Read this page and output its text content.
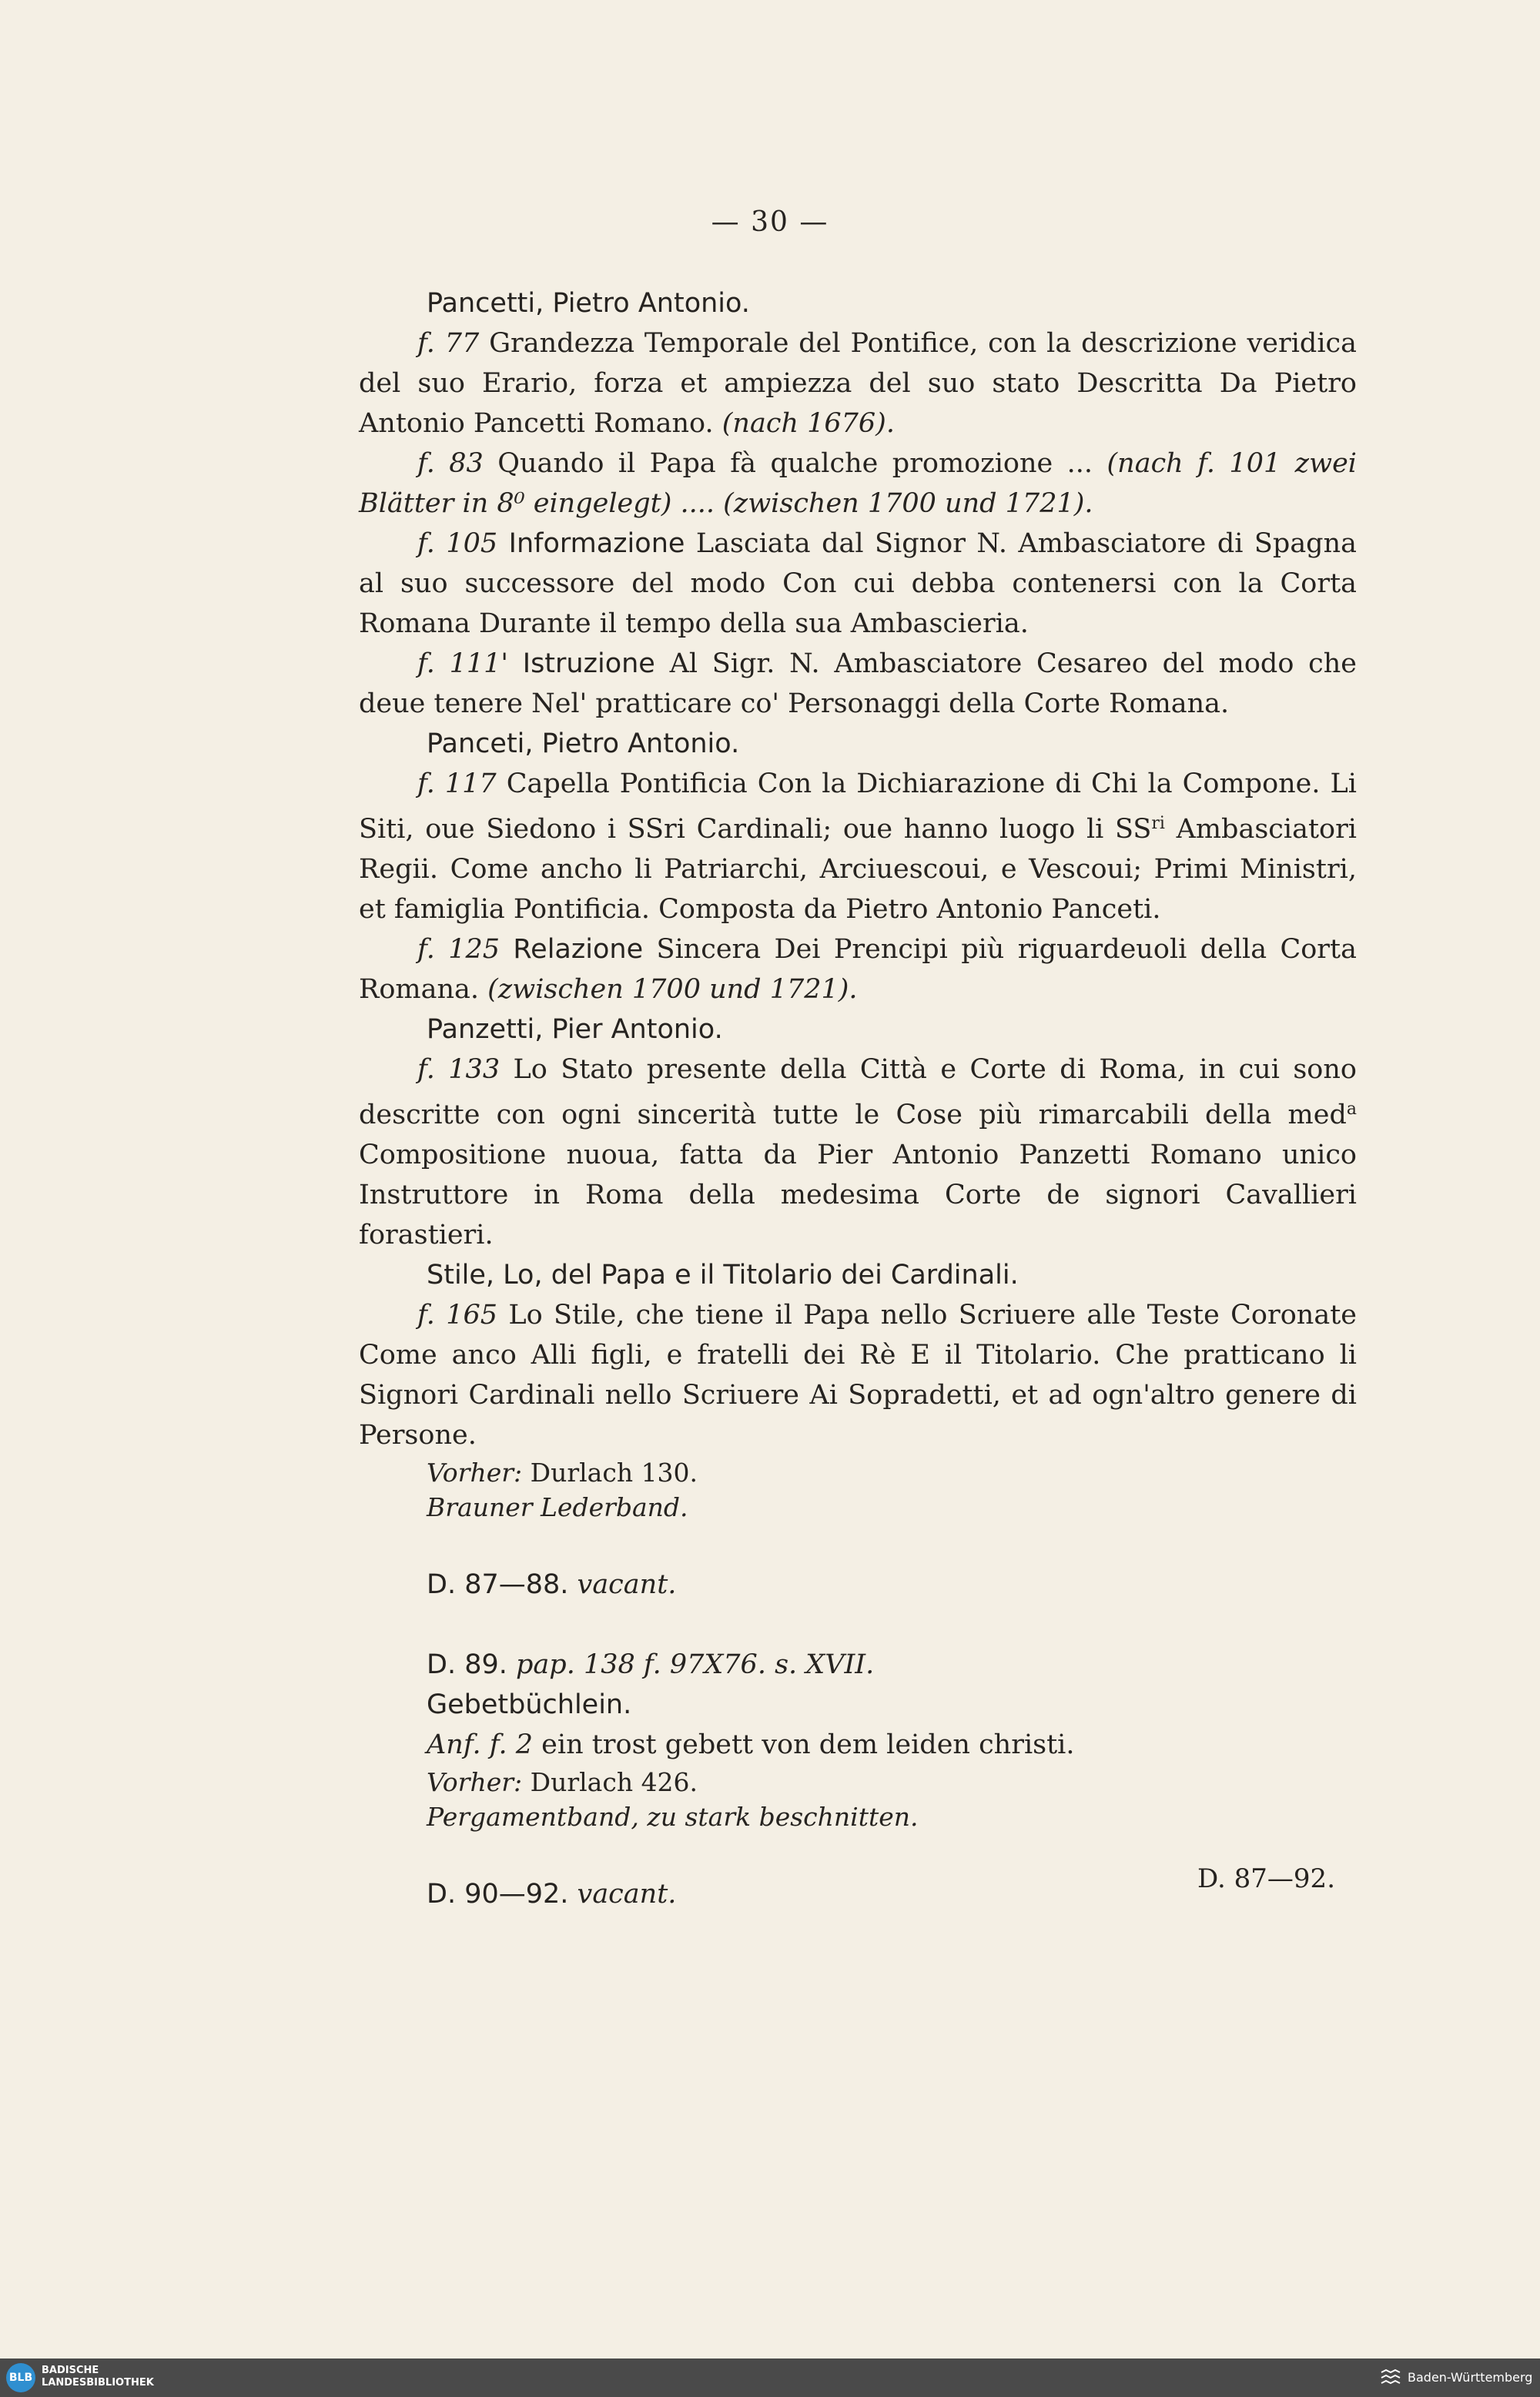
— 30 —
Pancetti, Pietro Antonio.

f. 77 Grandezza Temporale del Pontifice, con la descrizione veridica del suo Erario, forza et ampiezza del suo stato Descritta Da Pietro Antonio Pancetti Romano. (nach 1676).

f. 83 Quando il Papa fà qualche promozione ... (nach f. 101 zwei Blätter in 8⁰ eingelegt) .... (zwischen 1700 und 1721).

f. 105 Informazione Lasciata dal Signor N. Ambasciatore di Spagna al suo successore del modo Con cui debba contenersi con la Corta Romana Durante il tempo della sua Ambascieria.

f. 111' Istruzione Al Sigr. N. Ambasciatore Cesareo del modo che deue tenere Nel' pratticare co' Personaggi della Corte Romana.

Panceti, Pietro Antonio.

f. 117 Capella Pontificia Con la Dichiarazione di Chi la Compone. Li Siti, oue Siedono i SSri Cardinali; oue hanno luogo li $SS^{ri}$ Ambasciatori Regii. Come ancho li Patriarchi, Arciuescoui, e Vescoui; Primi Ministri, et famiglia Pontificia. Composta da Pietro Antonio Panceti.

f. 125 Relazione Sincera Dei Prencipi più riguardeuoli della Corta Romana. (zwischen 1700 und 1721).

Panzetti, Pier Antonio.

f. 133 Lo Stato presente della Città e Corte di Roma, in cui sono descritte con ogni sincerità tutte le Cose più rimarcabili della med$^a$ Compositione nuoua, fatta da Pier Antonio Panzetti Romano unico Instruttore in Roma della medesima Corte de signori Cavallieri forastieri.

Stile, Lo, del Papa e il Titolario dei Cardinali.

f. 165 Lo Stile, che tiene il Papa nello Scriuere alle Teste Coronate Come anco Alli figli, e fratelli dei Rè E il Titolario. Che pratticano li Signori Cardinali nello Scriuere Ai Sopradetti, et ad ogn'altro genere di Persone.

Vorher: Durlach 130.
Brauner Lederband.
D. 87—88. vacant.
D. 89. pap. 138 f. 97X76. s. XVII.
Gebetbüchlein.
Anf. f. 2 ein trost gebett von dem leiden christi.
Vorher: Durlach 426.
Pergamentband, zu stark beschnitten.
D. 90—92. vacant.	D. 87—92.
BLB
BADISCHE
LANDESBIBLIOTHEK	Baden-Württemberg
